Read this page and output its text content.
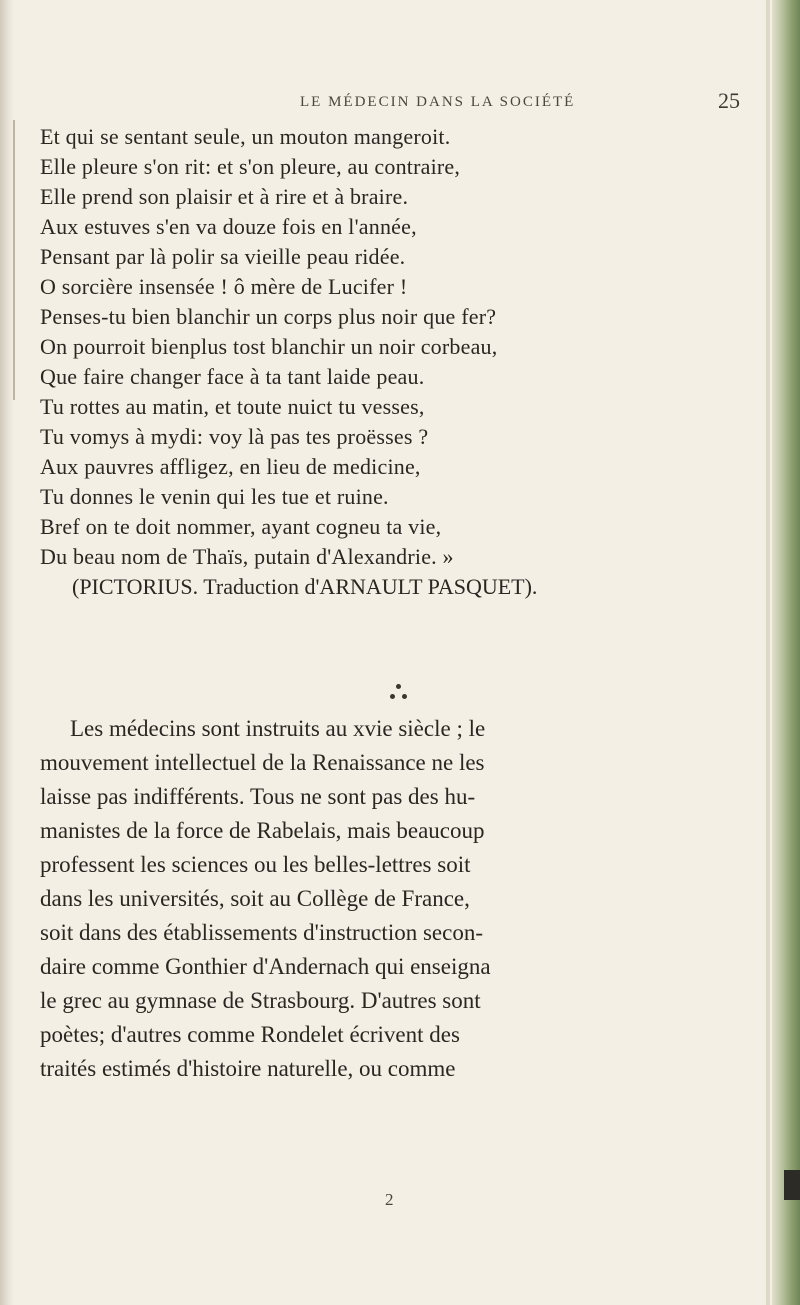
LE MÉDECIN DANS LA SOCIÉTÉ	25
Et qui se sentant seule, un mouton mangeroit.
Elle pleure s'on rit: et s'on pleure, au contraire,
Elle prend son plaisir et à rire et à braire.
Aux estuves s'en va douze fois en l'année,
Pensant par là polir sa vieille peau ridée.
O sorcière insensée ! ô mère de Lucifer !
Penses-tu bien blanchir un corps plus noir que fer?
On pourroit bienplus tost blanchir un noir corbeau,
Que faire changer face à ta tant laide peau.
Tu rottes au matin, et toute nuict tu vesses,
Tu vomys à mydi: voy là pas tes proësses ?
Aux pauvres affligez, en lieu de medicine,
Tu donnes le venin qui les tue et ruine.
Bref on te doit nommer, ayant cogneu ta vie,
Du beau nom de Thaïs, putain d'Alexandrie. »
(PICTORIUS. Traduction d'ARNAULT PASQUET).
Les médecins sont instruits au xvie siècle ; le
mouvement intellectuel de la Renaissance ne les
laisse pas indifférents. Tous ne sont pas des hu-
manistes de la force de Rabelais, mais beaucoup
professent les sciences ou les belles-lettres soit
dans les universités, soit au Collège de France,
soit dans des établissements d'instruction secon-
daire comme Gonthier d'Andernach qui enseigna
le grec au gymnase de Strasbourg. D'autres sont
poètes; d'autres comme Rondelet écrivent des
traités estimés d'histoire naturelle, ou comme
2
